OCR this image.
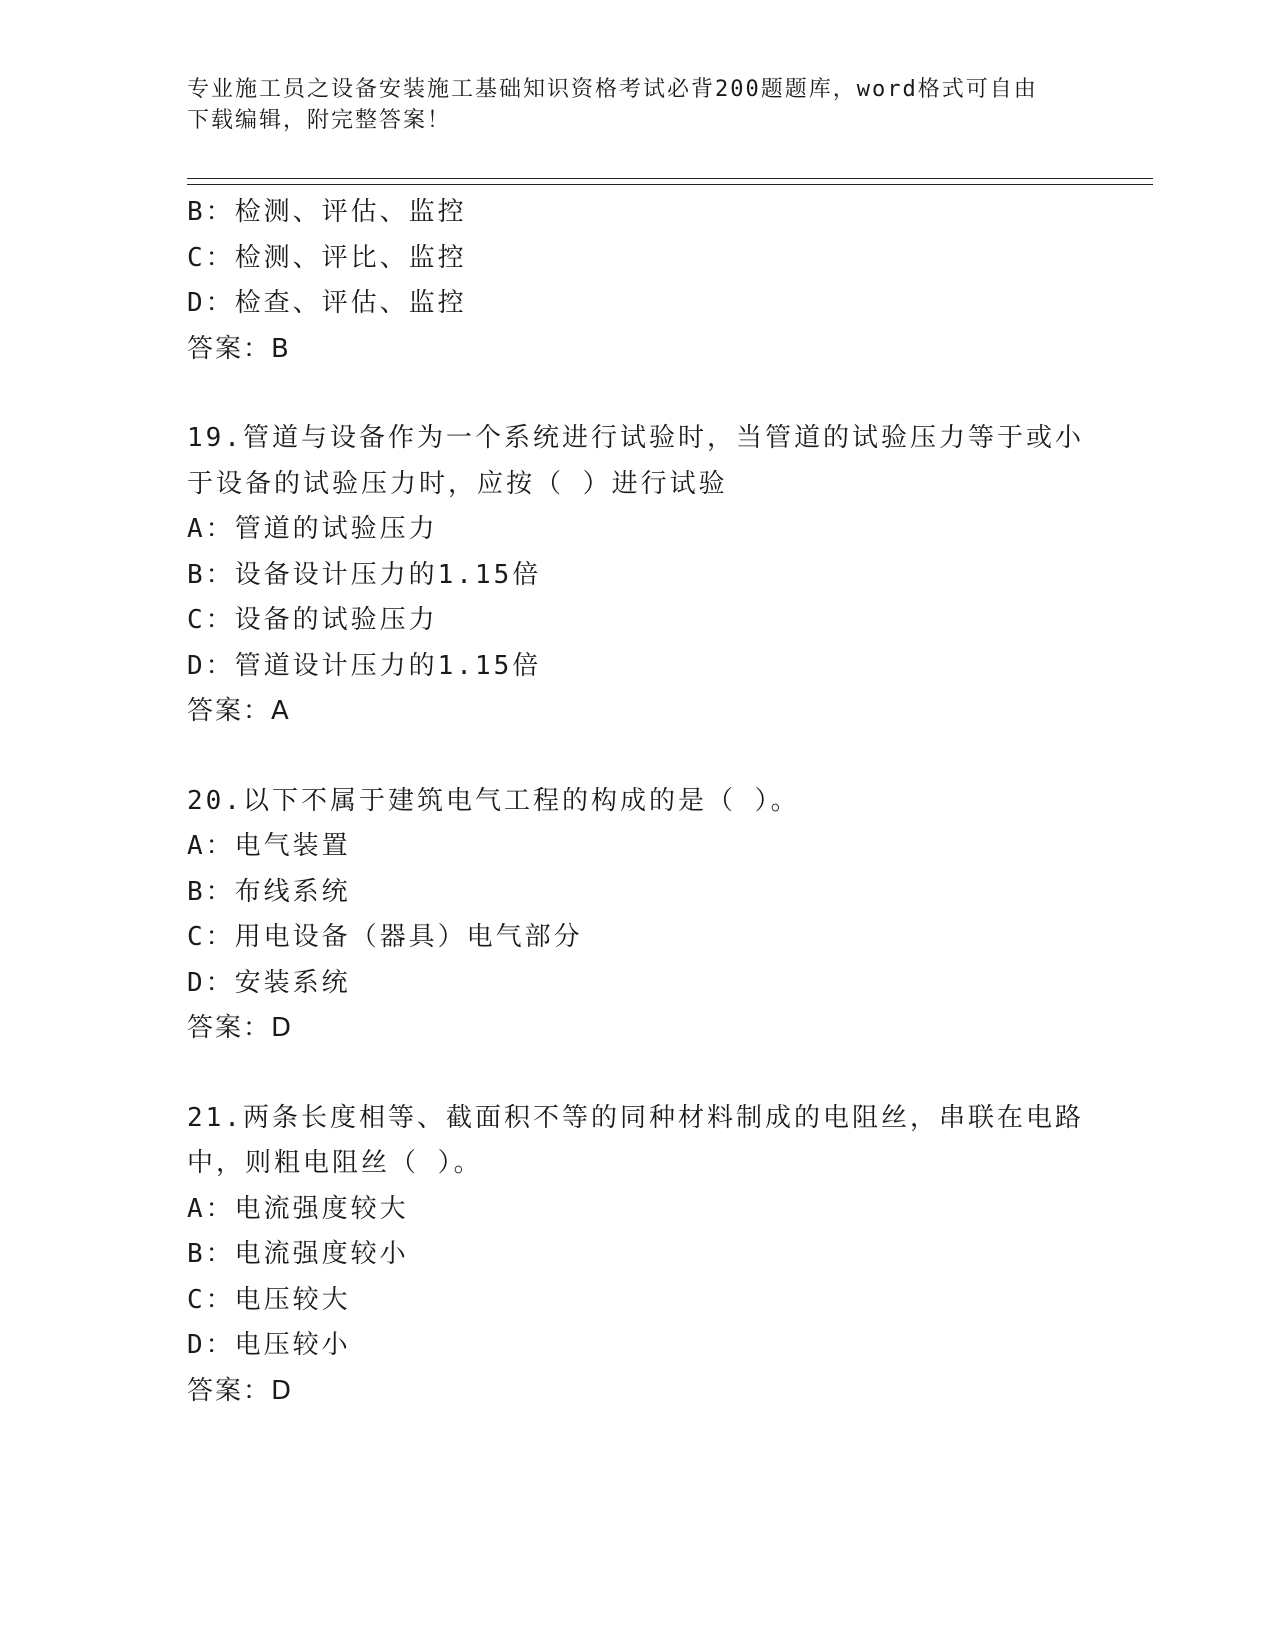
专业施工员之设备安装施工基础知识资格考试必背200题题库，word格式可自由
下载编辑，附完整答案！
B：检测、评估、监控
C：检测、评比、监控
D：检查、评估、监控
答案：B
19.管道与设备作为一个系统进行试验时，当管道的试验压力等于或小
于设备的试验压力时，应按（ ）进行试验
A：管道的试验压力
B：设备设计压力的1.15倍
C：设备的试验压力
D：管道设计压力的1.15倍
答案：A
20.以下不属于建筑电气工程的构成的是（ ）。
A：电气装置
B：布线系统
C：用电设备（器具）电气部分
D：安装系统
答案：D
21.两条长度相等、截面积不等的同种材料制成的电阻丝，串联在电路
中，则粗电阻丝（ ）。
A：电流强度较大
B：电流强度较小
C：电压较大
D：电压较小
答案：D
